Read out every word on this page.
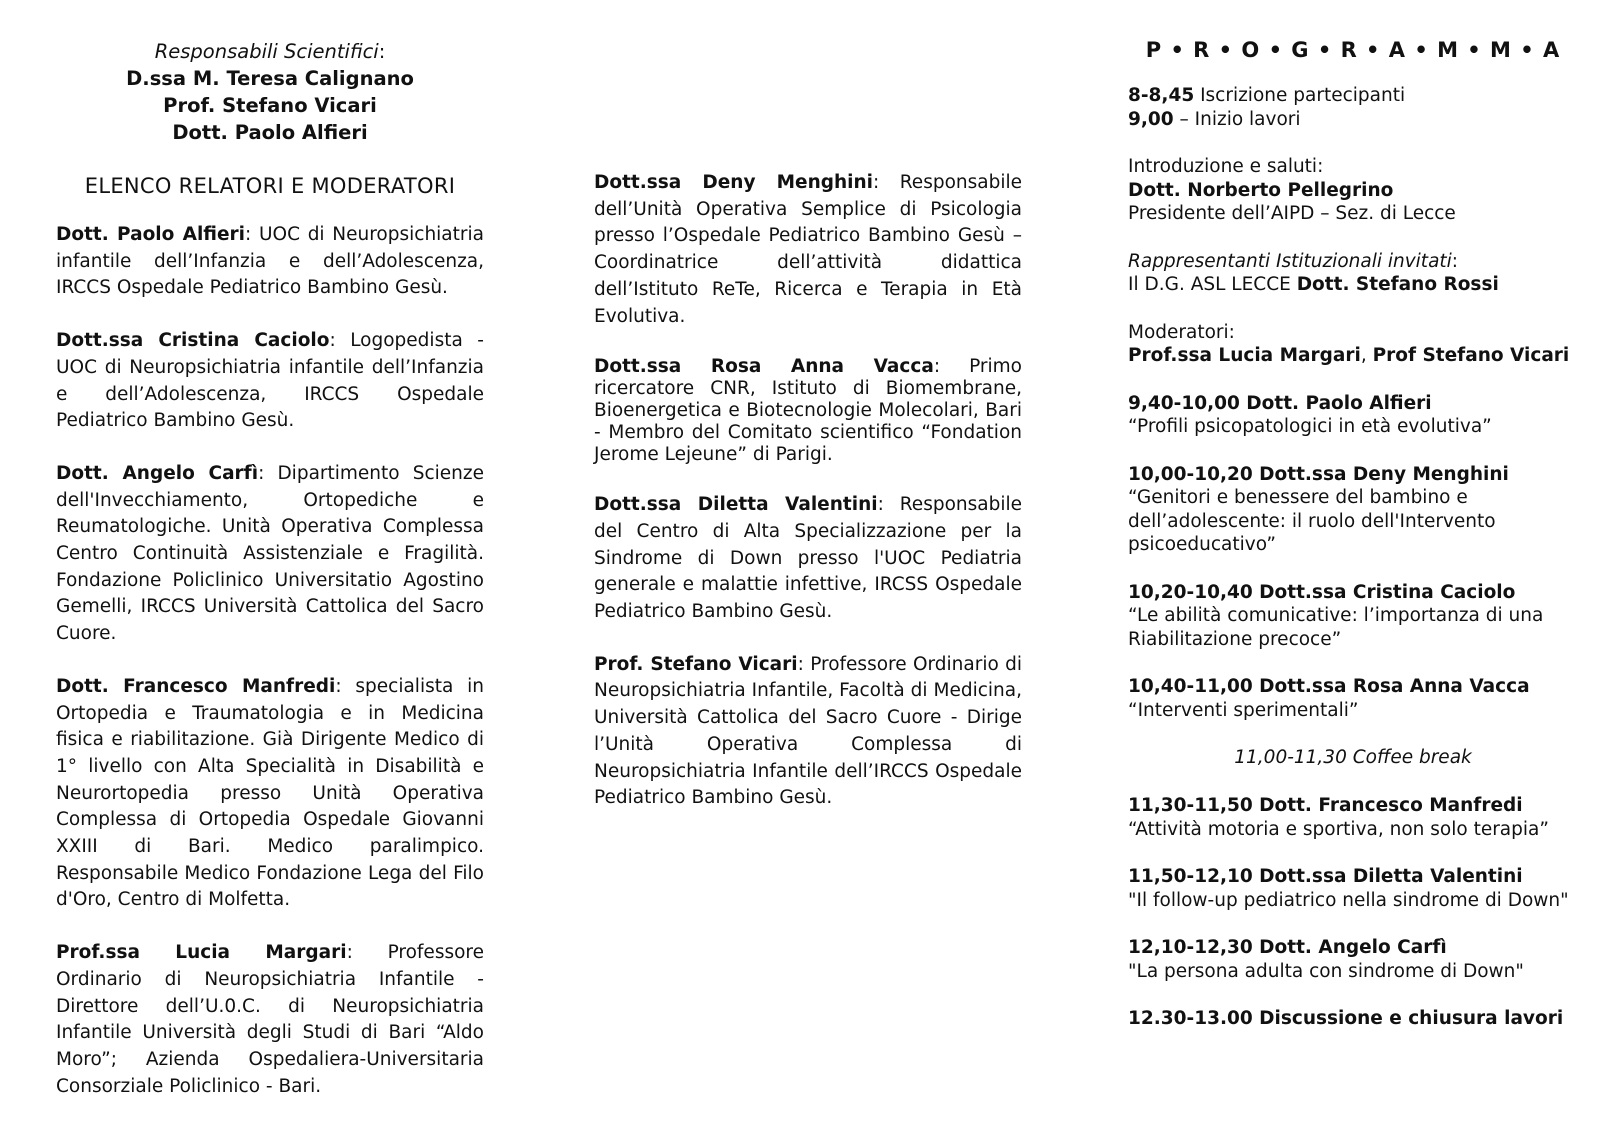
Responsabili Scientifici:
D.ssa M. Teresa Calignano
Prof. Stefano Vicari
Dott. Paolo Alfieri
ELENCO RELATORI E MODERATORI

Dott. Paolo Alfieri: UOC di Neuropsichiatria infantile dell’Infanzia e dell’Adolescenza, IRCCS Ospedale Pediatrico Bambino Gesù.

Dott.ssa Cristina Caciolo: Logopedista - UOC di Neuropsichiatria infantile dell’Infanzia e dell’Adolescenza, IRCCS Ospedale Pediatrico Bambino Gesù.

Dott. Angelo Carfì: Dipartimento Scienze dell'Invecchiamento, Ortopediche e Reumatologiche. Unità Operativa Complessa Centro Continuità Assistenziale e Fragilità. Fondazione Policlinico Universitatio Agostino Gemelli, IRCCS Università Cattolica del Sacro Cuore.

Dott. Francesco Manfredi: specialista in Ortopedia e Traumatologia e in Medicina fisica e riabilitazione. Già Dirigente Medico di 1° livello con Alta Specialità in Disabilità e Neurortopedia presso Unità Operativa Complessa di Ortopedia Ospedale Giovanni XXIII di Bari. Medico paralimpico. Responsabile Medico Fondazione Lega del Filo d'Oro, Centro di Molfetta.

Prof.ssa Lucia Margari: Professore Ordinario di Neuropsichiatria Infantile - Direttore dell’U.0.C. di Neuropsichiatria Infantile Università degli Studi di Bari “Aldo Moro”; Azienda Ospedaliera-Universitaria Consorziale Policlinico - Bari.

Dott.ssa Deny Menghini: Responsabile dell’Unità Operativa Semplice di Psicologia presso l’Ospedale Pediatrico Bambino Gesù – Coordinatrice dell’attività didattica dell’Istituto ReTe, Ricerca e Terapia in Età Evolutiva.

Dott.ssa Rosa Anna Vacca: Primo ricercatore CNR, Istituto di Biomembrane, Bioenergetica e Biotecnologie Molecolari, Bari - Membro del Comitato scientifico “Fondation Jerome Lejeune” di Parigi.

Dott.ssa Diletta Valentini: Responsabile del Centro di Alta Specializzazione per la Sindrome di Down presso l'UOC Pediatria generale e malattie infettive, IRCSS Ospedale Pediatrico Bambino Gesù.

Prof. Stefano Vicari: Professore Ordinario di Neuropsichiatria Infantile, Facoltà di Medicina, Università Cattolica del Sacro Cuore - Dirige l’Unità Operativa Complessa di Neuropsichiatria Infantile dell’IRCCS Ospedale Pediatrico Bambino Gesù.

P • R • O • G • R • A • M • M • A
8-8,45 Iscrizione partecipanti
9,00 – Inizio lavori
Introduzione e saluti:
Dott. Norberto Pellegrino
Presidente dell’AIPD – Sez. di Lecce
Rappresentanti Istituzionali invitati:
Il D.G. ASL LECCE Dott. Stefano Rossi
Moderatori:
Prof.ssa Lucia Margari, Prof Stefano Vicari
9,40-10,00 Dott. Paolo Alfieri
“Profili psicopatologici in età evolutiva”
10,00-10,20 Dott.ssa Deny Menghini
“Genitori e benessere del bambino e dell’adolescente: il ruolo dell'Intervento psicoeducativo”
10,20-10,40 Dott.ssa Cristina Caciolo
“Le abilità comunicative: l’importanza di una Riabilitazione precoce”
10,40-11,00 Dott.ssa Rosa Anna Vacca
“Interventi sperimentali”
11,00-11,30 Coffee break
11,30-11,50 Dott. Francesco Manfredi
“Attività motoria e sportiva, non solo terapia”
11,50-12,10 Dott.ssa Diletta Valentini
"Il follow-up pediatrico nella sindrome di Down"
12,10-12,30 Dott. Angelo Carfì
"La persona adulta con sindrome di Down"
12.30-13.00 Discussione e chiusura lavori
